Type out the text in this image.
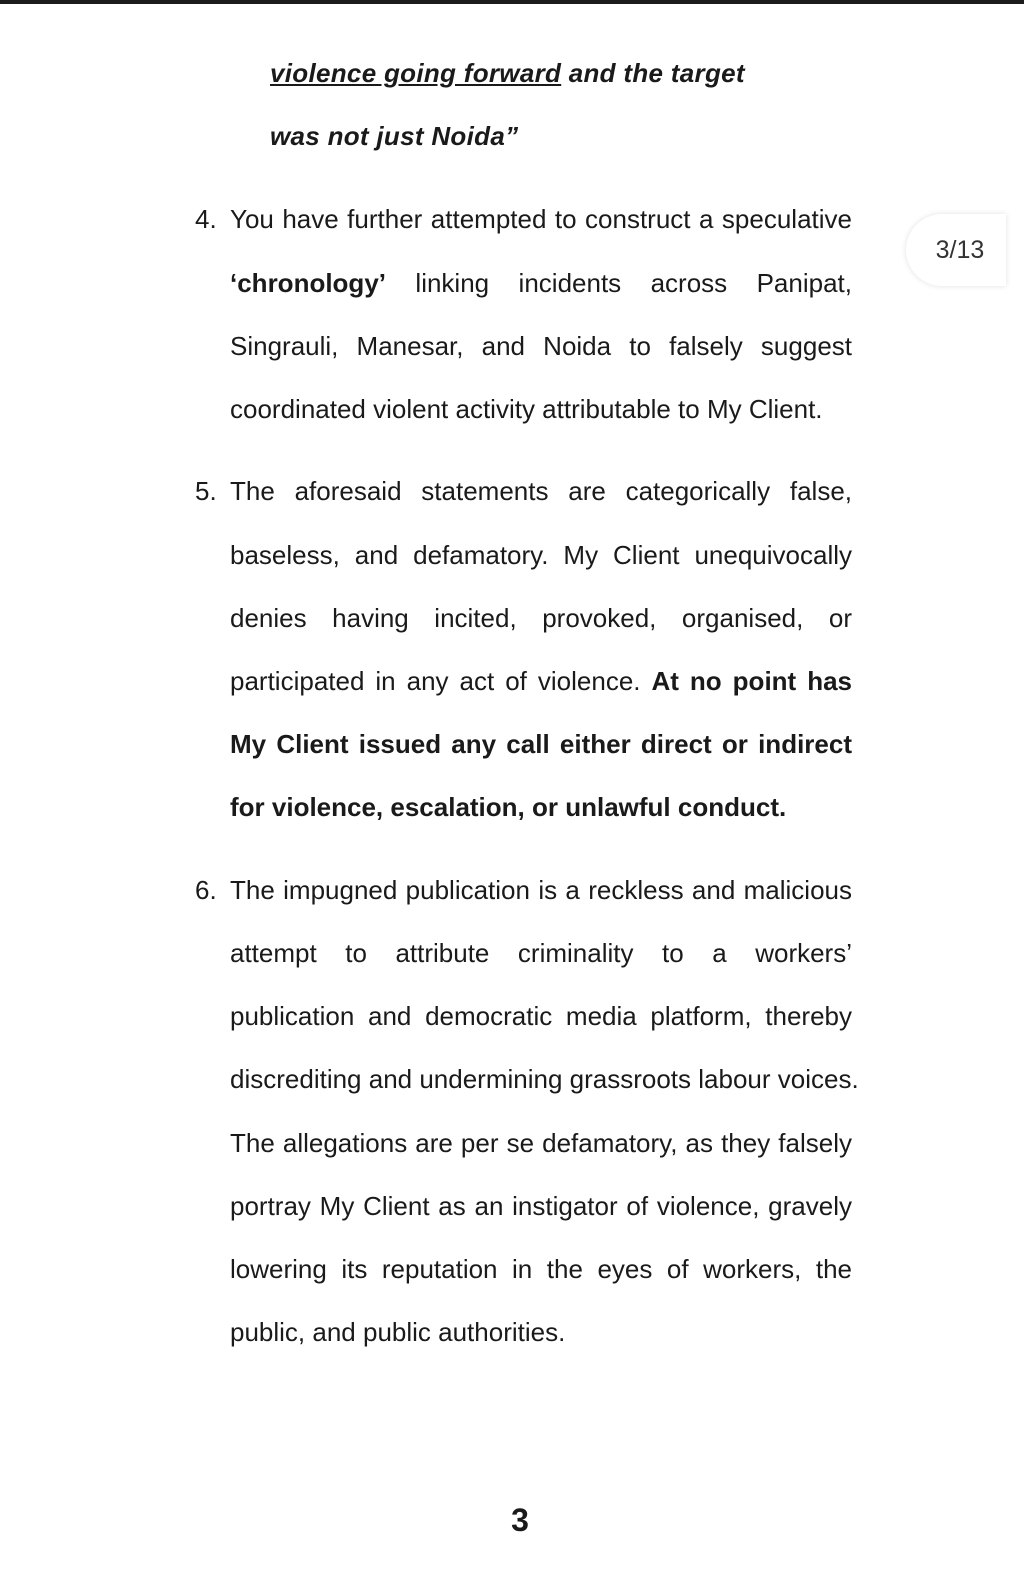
violence going forward and the target
was not just Noida”
4. You have further attempted to construct a speculative
‘chronology’ linking incidents across Panipat,
Singrauli, Manesar, and Noida to falsely suggest
coordinated violent activity attributable to My Client.
5. The aforesaid statements are categorically false,
baseless, and defamatory. My Client unequivocally
denies having incited, provoked, organised, or
participated in any act of violence. At no point has
My Client issued any call either direct or indirect
for violence, escalation, or unlawful conduct.
6. The impugned publication is a reckless and malicious
attempt to attribute criminality to a workers’
publication and democratic media platform, thereby
discrediting and undermining grassroots labour voices.
The allegations are per se defamatory, as they falsely
portray My Client as an instigator of violence, gravely
lowering its reputation in the eyes of workers, the
public, and public authorities.
3/13
3
